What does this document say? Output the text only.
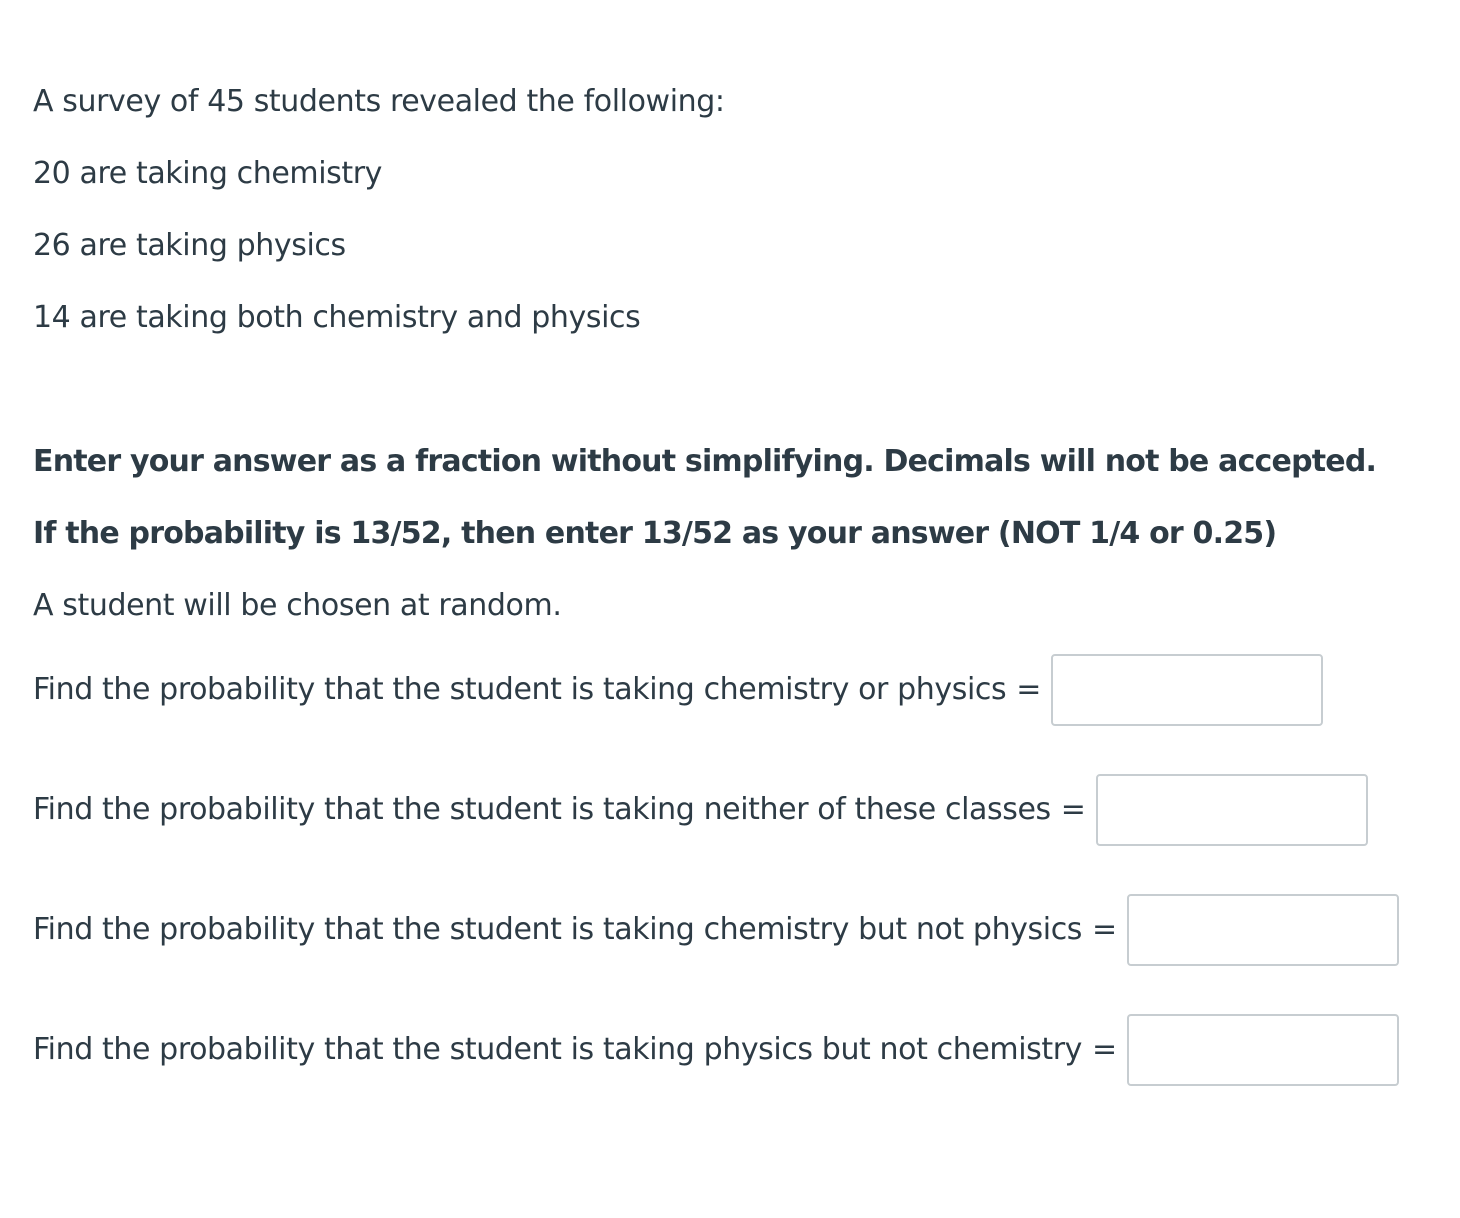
A survey of 45 students revealed the following:
20 are taking chemistry
26 are taking physics
14 are taking both chemistry and physics
Enter your answer as a fraction without simplifying. Decimals will not be accepted.
If the probability is 13/52, then enter 13/52 as your answer (NOT 1/4 or 0.25)
A student will be chosen at random.
Find the probability that the student is taking chemistry or physics =
Find the probability that the student is taking neither of these classes =
Find the probability that the student is taking chemistry but not physics =
Find the probability that the student is taking physics but not chemistry =
